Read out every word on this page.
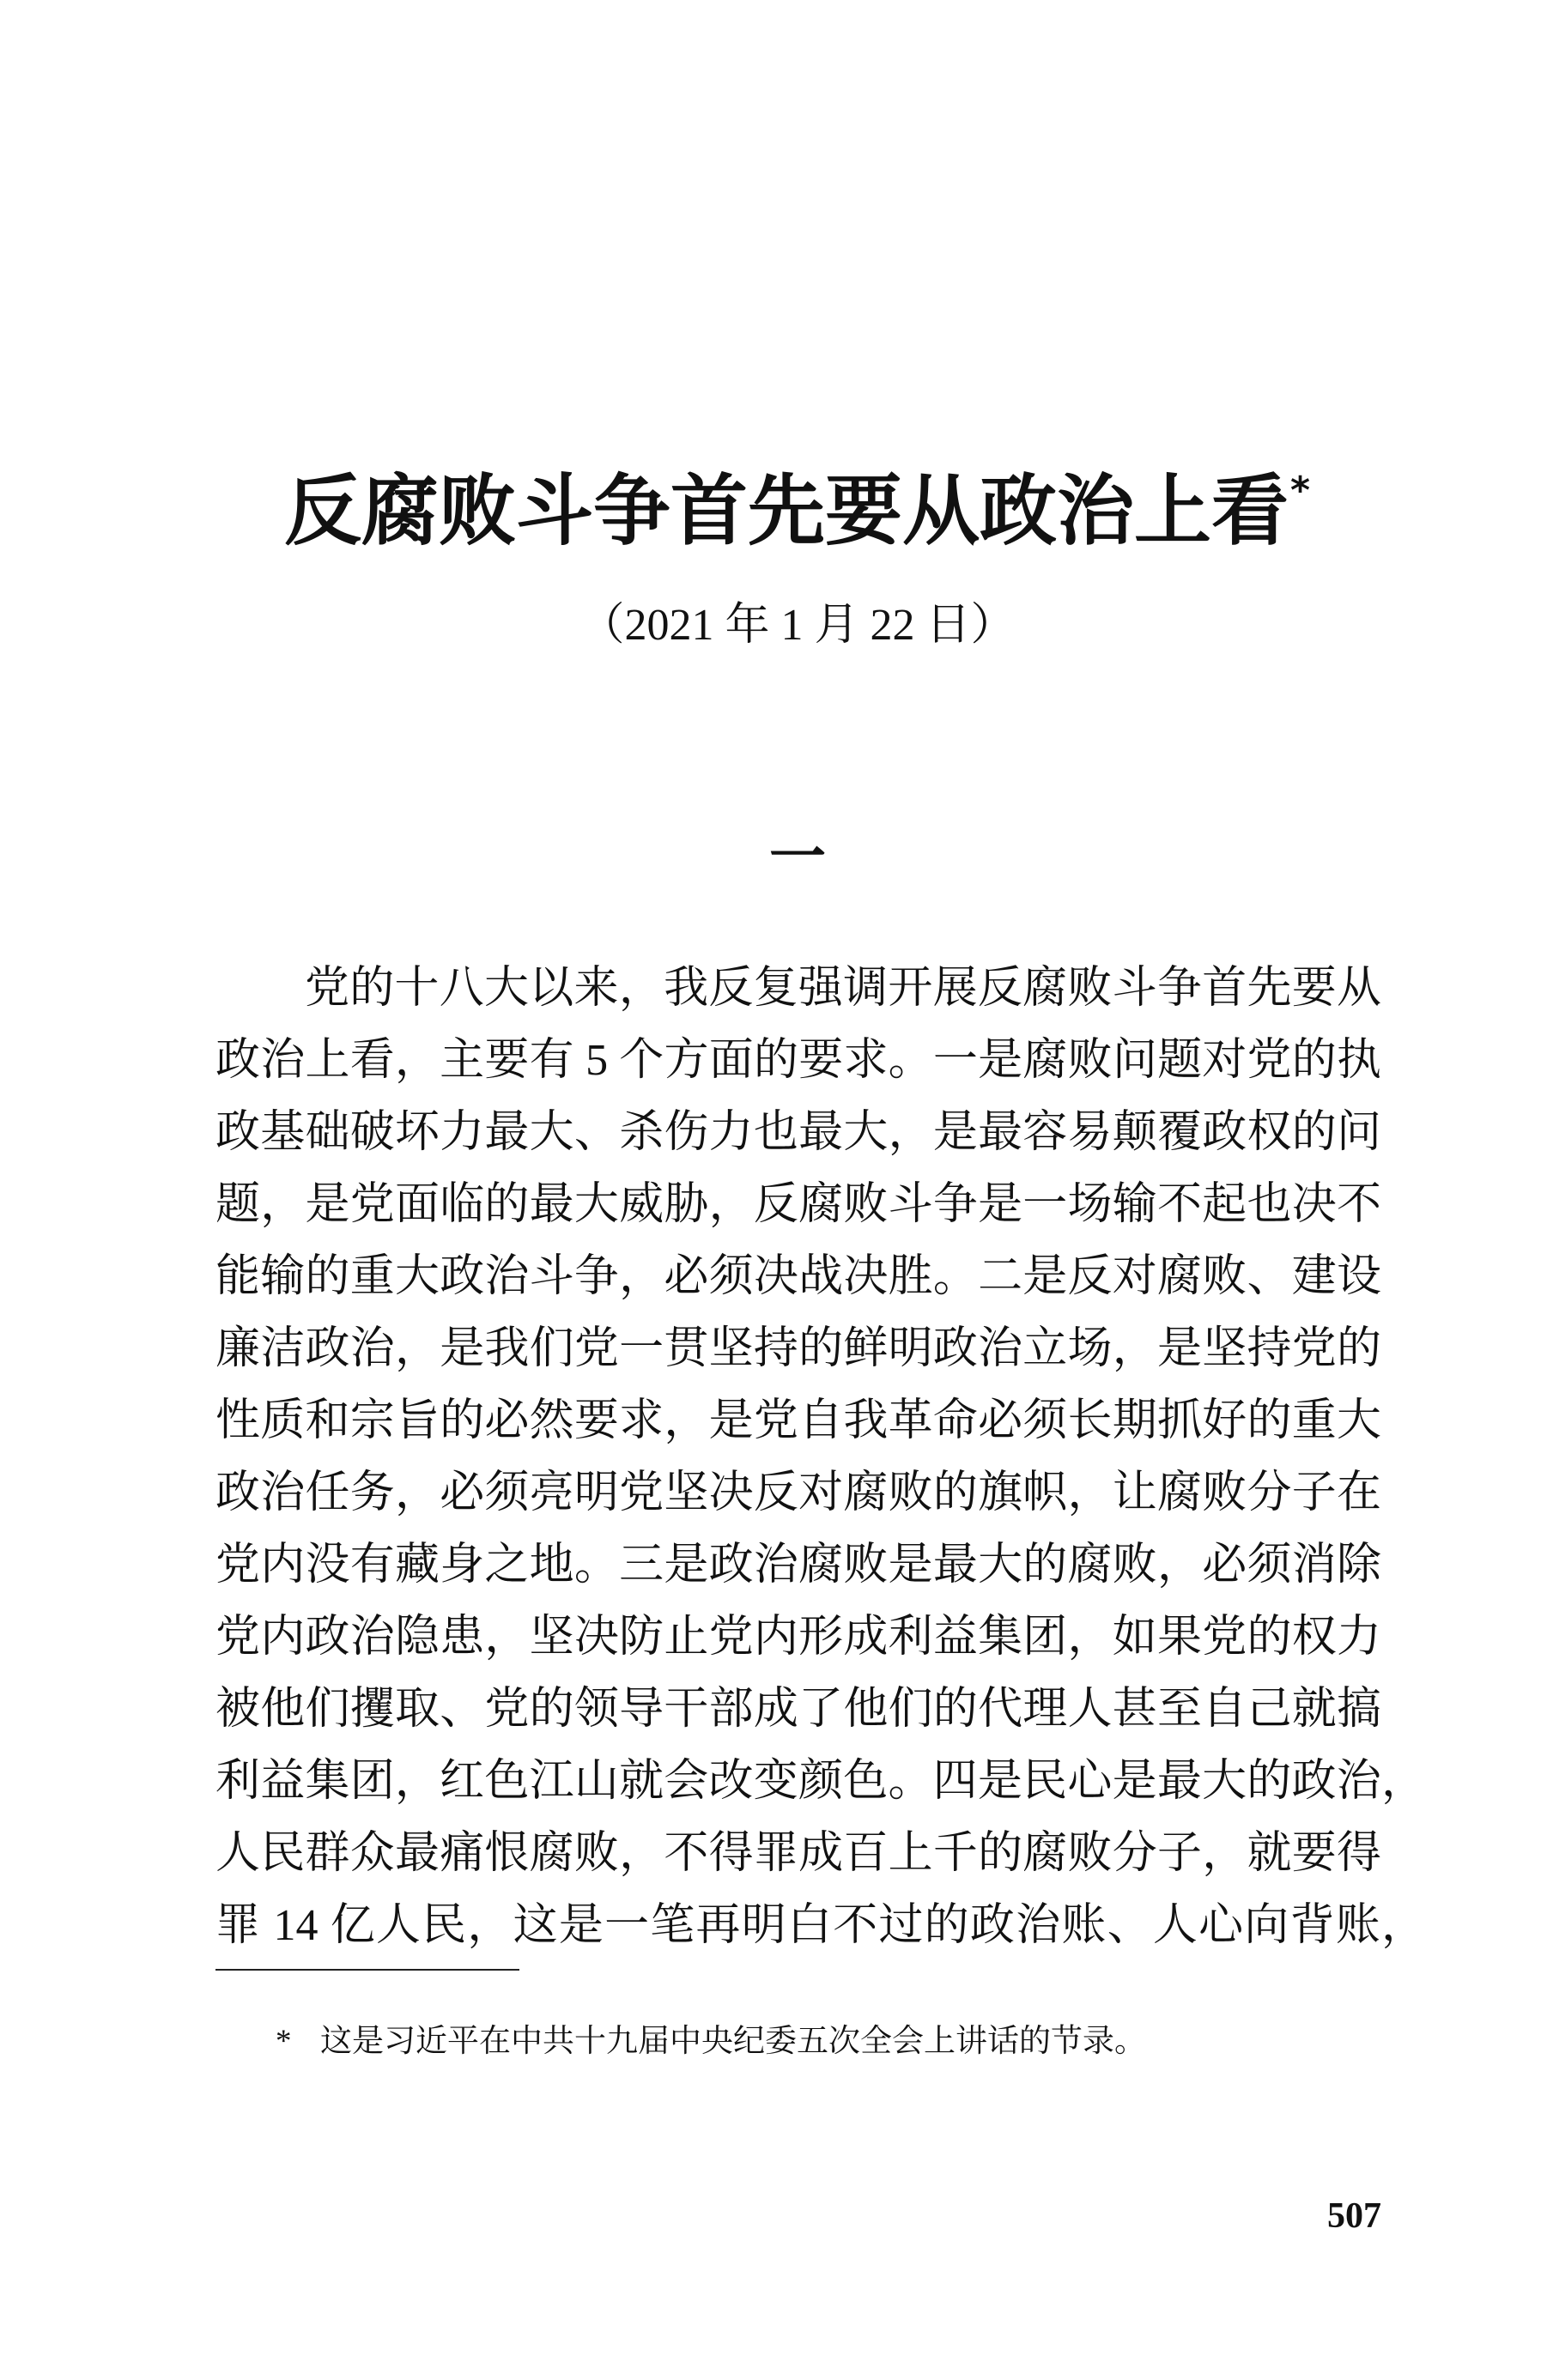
反腐败斗争首先要从政治上看*
（2021 年 1 月 22 日）
一
党的十八大以来，我反复强调开展反腐败斗争首先要从
政治上看，主要有 5 个方面的要求。一是腐败问题对党的执
政基础破坏力最大、杀伤力也最大，是最容易颠覆政权的问
题，是党面临的最大威胁，反腐败斗争是一场输不起也决不
能输的重大政治斗争，必须决战决胜。二是反对腐败、建设
廉洁政治，是我们党一贯坚持的鲜明政治立场，是坚持党的
性质和宗旨的必然要求，是党自我革命必须长期抓好的重大
政治任务，必须亮明党坚决反对腐败的旗帜，让腐败分子在
党内没有藏身之地。三是政治腐败是最大的腐败，必须消除
党内政治隐患，坚决防止党内形成利益集团，如果党的权力
被他们攫取、党的领导干部成了他们的代理人甚至自己就搞
利益集团，红色江山就会改变颜色。四是民心是最大的政治，
人民群众最痛恨腐败，不得罪成百上千的腐败分子，就要得
罪 14 亿人民，这是一笔再明白不过的政治账、人心向背账，
* 这是习近平在中共十九届中央纪委五次全会上讲话的节录。
507
